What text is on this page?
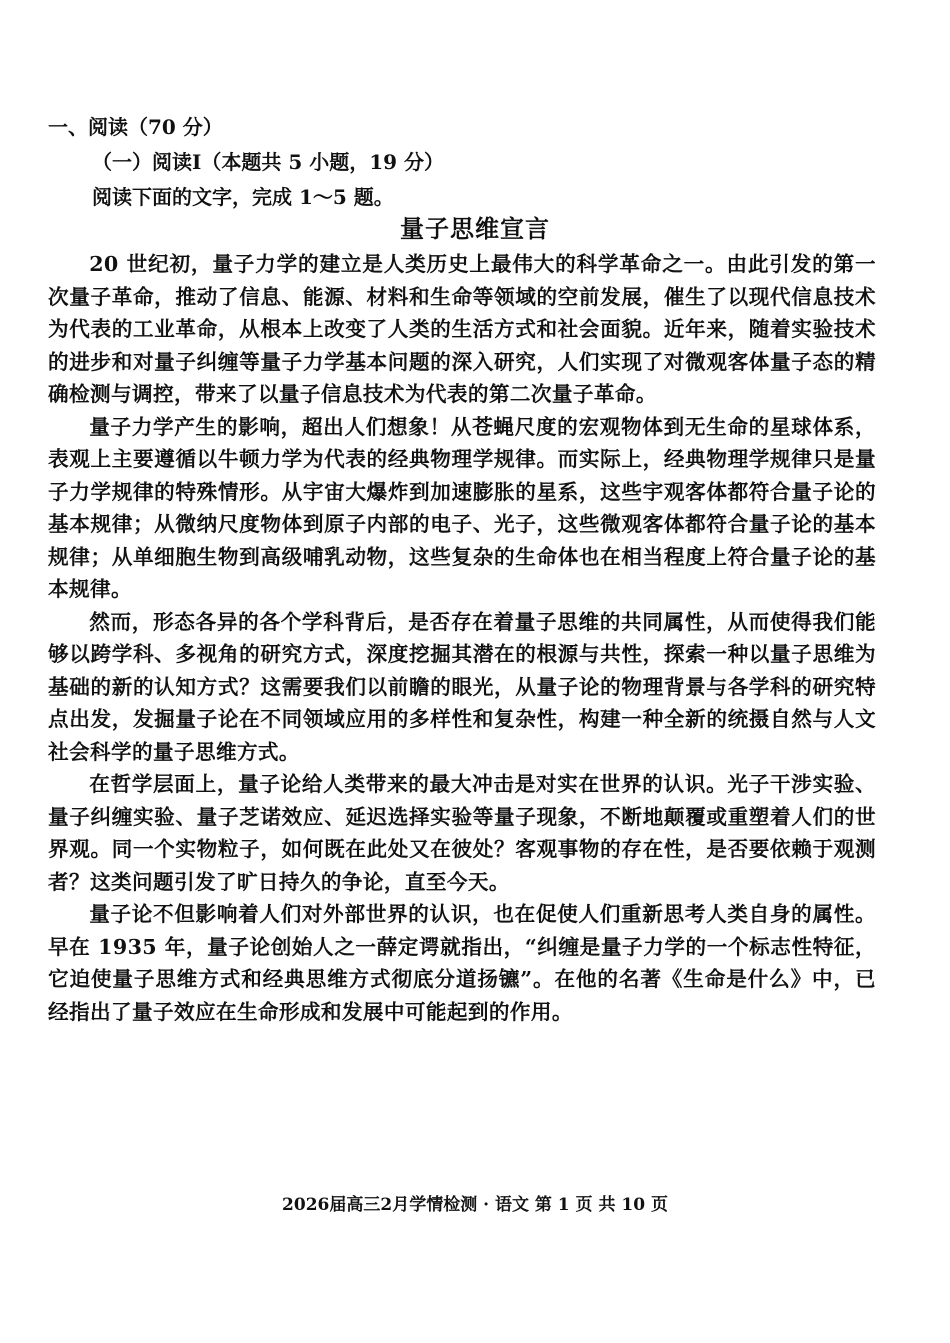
一、阅读（70 分）
（一）阅读Ⅰ（本题共 5 小题，19 分）
阅读下面的文字，完成 1～5 题。
量子思维宣言

20 世纪初，量子力学的建立是人类历史上最伟大的科学革命之一。由此引发的第一次量子革命，推动了信息、能源、材料和生命等领域的空前发展，催生了以现代信息技术为代表的工业革命，从根本上改变了人类的生活方式和社会面貌。近年来，随着实验技术的进步和对量子纠缠等量子力学基本问题的深入研究，人们实现了对微观客体量子态的精确检测与调控，带来了以量子信息技术为代表的第二次量子革命。

量子力学产生的影响，超出人们想象！从苍蝇尺度的宏观物体到无生命的星球体系，表观上主要遵循以牛顿力学为代表的经典物理学规律。而实际上，经典物理学规律只是量子力学规律的特殊情形。从宇宙大爆炸到加速膨胀的星系，这些宇观客体都符合量子论的基本规律；从微纳尺度物体到原子内部的电子、光子，这些微观客体都符合量子论的基本规律；从单细胞生物到高级哺乳动物，这些复杂的生命体也在相当程度上符合量子论的基本规律。

然而，形态各异的各个学科背后，是否存在着量子思维的共同属性，从而使得我们能够以跨学科、多视角的研究方式，深度挖掘其潜在的根源与共性，探索一种以量子思维为基础的新的认知方式？这需要我们以前瞻的眼光，从量子论的物理背景与各学科的研究特点出发，发掘量子论在不同领域应用的多样性和复杂性，构建一种全新的统摄自然与人文社会科学的量子思维方式。

在哲学层面上，量子论给人类带来的最大冲击是对实在世界的认识。光子干涉实验、量子纠缠实验、量子芝诺效应、延迟选择实验等量子现象，不断地颠覆或重塑着人们的世界观。同一个实物粒子，如何既在此处又在彼处？客观事物的存在性，是否要依赖于观测者？这类问题引发了旷日持久的争论，直至今天。

量子论不但影响着人们对外部世界的认识，也在促使人们重新思考人类自身的属性。早在 1935 年，量子论创始人之一薛定谔就指出，“纠缠是量子力学的一个标志性特征，它迫使量子思维方式和经典思维方式彻底分道扬镳”。在他的名著《生命是什么》中，已经指出了量子效应在生命形成和发展中可能起到的作用。

2026届高三2月学情检测 · 语文 第 1 页 共 10 页
